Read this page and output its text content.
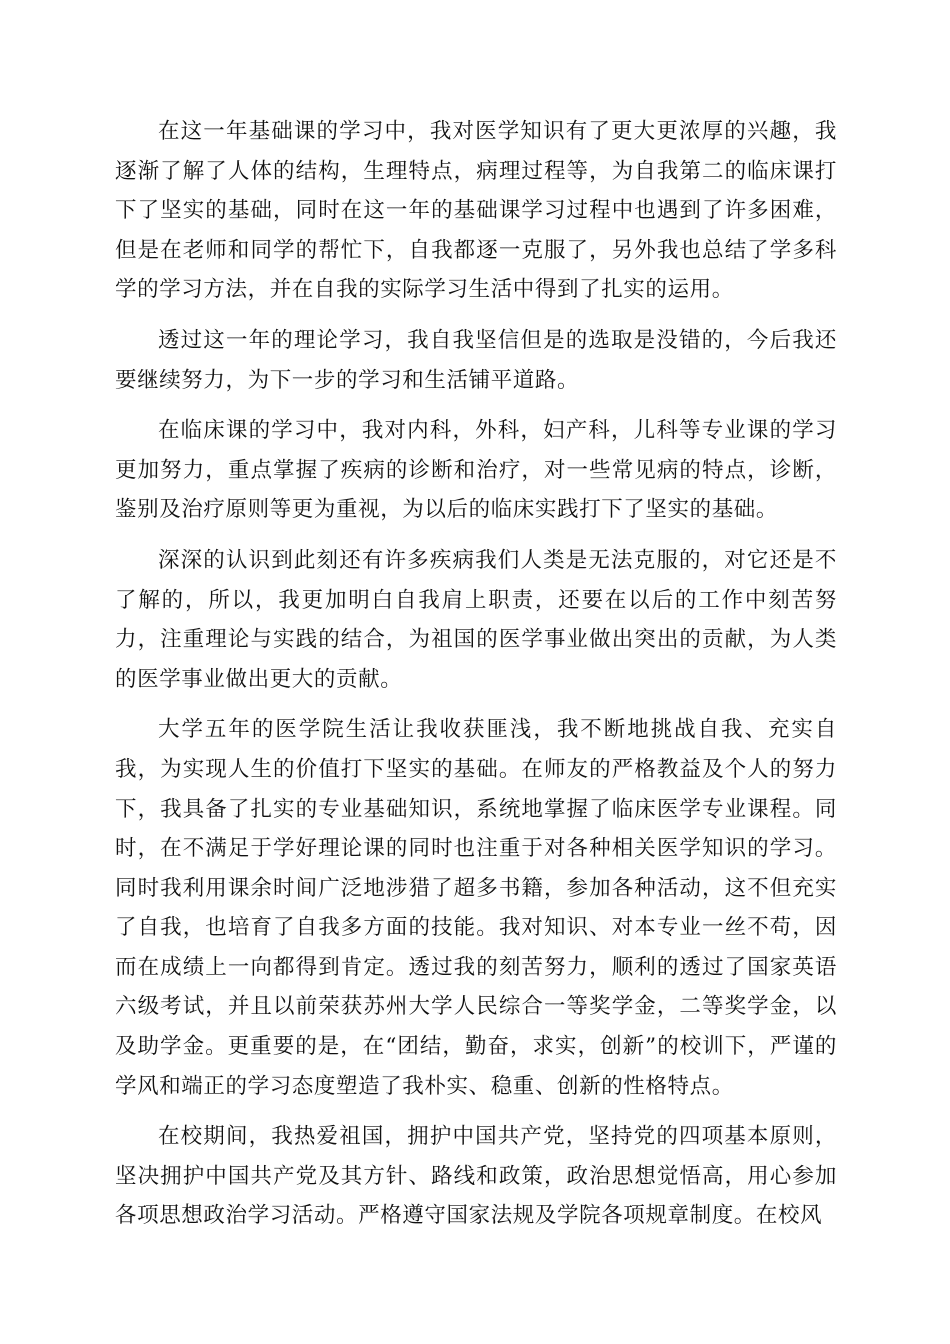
在这一年基础课的学习中，我对医学知识有了更大更浓厚的兴趣，我逐渐了解了人体的结构，生理特点，病理过程等，为自我第二的临床课打下了坚实的基础，同时在这一年的基础课学习过程中也遇到了许多困难，但是在老师和同学的帮忙下，自我都逐一克服了，另外我也总结了学多科学的学习方法，并在自我的实际学习生活中得到了扎实的运用。

透过这一年的理论学习，我自我坚信但是的选取是没错的，今后我还要继续努力，为下一步的学习和生活铺平道路。

在临床课的学习中，我对内科，外科，妇产科，儿科等专业课的学习更加努力，重点掌握了疾病的诊断和治疗，对一些常见病的特点，诊断，鉴别及治疗原则等更为重视，为以后的临床实践打下了坚实的基础。

深深的认识到此刻还有许多疾病我们人类是无法克服的，对它还是不了解的，所以，我更加明白自我肩上职责，还要在以后的工作中刻苦努力，注重理论与实践的结合，为祖国的医学事业做出突出的贡献，为人类的医学事业做出更大的贡献。

大学五年的医学院生活让我收获匪浅，我不断地挑战自我、充实自我，为实现人生的价值打下坚实的基础。在师友的严格教益及个人的努力下，我具备了扎实的专业基础知识，系统地掌握了临床医学专业课程。同时，在不满足于学好理论课的同时也注重于对各种相关医学知识的学习。同时我利用课余时间广泛地涉猎了超多书籍，参加各种活动，这不但充实了自我，也培育了自我多方面的技能。我对知识、对本专业一丝不苟，因而在成绩上一向都得到肯定。透过我的刻苦努力，顺利的透过了国家英语六级考试，并且以前荣获苏州大学人民综合一等奖学金，二等奖学金，以及助学金。更重要的是，在“团结，勤奋，求实，创新”的校训下，严谨的学风和端正的学习态度塑造了我朴实、稳重、创新的性格特点。

在校期间，我热爱祖国，拥护中国共产党，坚持党的四项基本原则，坚决拥护中国共产党及其方针、路线和政策，政治思想觉悟高，用心参加各项思想政治学习活动。严格遵守国家法规及学院各项规章制度。在校风
